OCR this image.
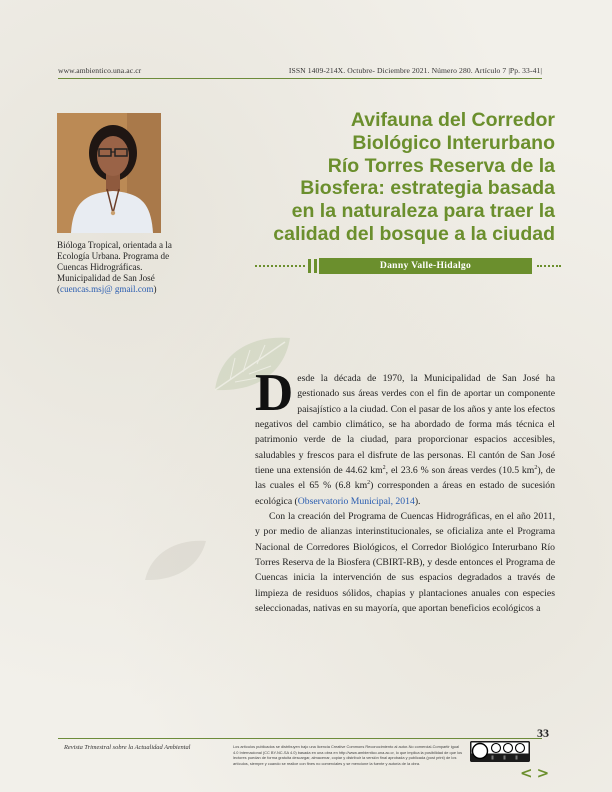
www.ambientico.una.ac.cr	ISSN 1409-214X. Octubre- Diciembre 2021. Número 280. Artículo 7 |Pp. 33-41|
Bióloga Tropical, orientada a la Ecología Urbana. Programa de Cuencas Hidrográficas. Municipalidad de San José (cuencas.msj@ gmail.com)
Avifauna del Corredor
Biológico Interurbano
Río Torres Reserva de la
Biosfera: estrategia basada
en la naturaleza para traer la
calidad del bosque a la ciudad
Danny Valle-Hidalgo

Desde la década de 1970, la Municipalidad de San José ha gestionado sus áreas verdes con el fin de aportar un componente paisajístico a la ciudad. Con el pasar de los años y ante los efectos negativos del cambio climático, se ha abordado de forma más técnica el patrimonio verde de la ciudad, para proporcionar espacios accesibles, saludables y frescos para el disfrute de las personas. El cantón de San José tiene una extensión de 44.62 $km^2$, el 23.6 % son áreas verdes (10.5 $km^2$), de las cuales el 65 % (6.8 $km^2$) corresponden a áreas en estado de sucesión ecológica (Observatorio Municipal, 2014).

Con la creación del Programa de Cuencas Hidrográficas, en el año 2011, y por medio de alianzas interinstitucionales, se oficializa ante el Programa Nacional de Corredores Biológicos, el Corredor Biológico Interurbano Río Torres Reserva de la Biosfera (CBIRT-RB), y desde entonces el Programa de Cuencas inicia la intervención de sus espacios degradados a través de limpieza de residuos sólidos, chapias y plantaciones anuales con especies seleccionadas, nativas en su mayoría, que aportan beneficios ecológicos a

33
Revista Trimestral sobre la Actualidad Ambiental	Los artículos publicados se distribuyen bajo una licencia Creative Commons Reconocimiento al autor-No comercial-Compartir igual 4.0 Internacional (CC BY-NC-SA 4.0) basada en una obra en http://www.ambientico.una.ac.cr, lo que implica la posibilidad de que los lectores puedan de forma gratuita descargar, almacenar, copiar y distribuir la versión final aprobada y publicada (post print) de los artículos, siempre y cuando se realice con fines no comerciales y se mencione la fuente y autoría de la obra.
<>
